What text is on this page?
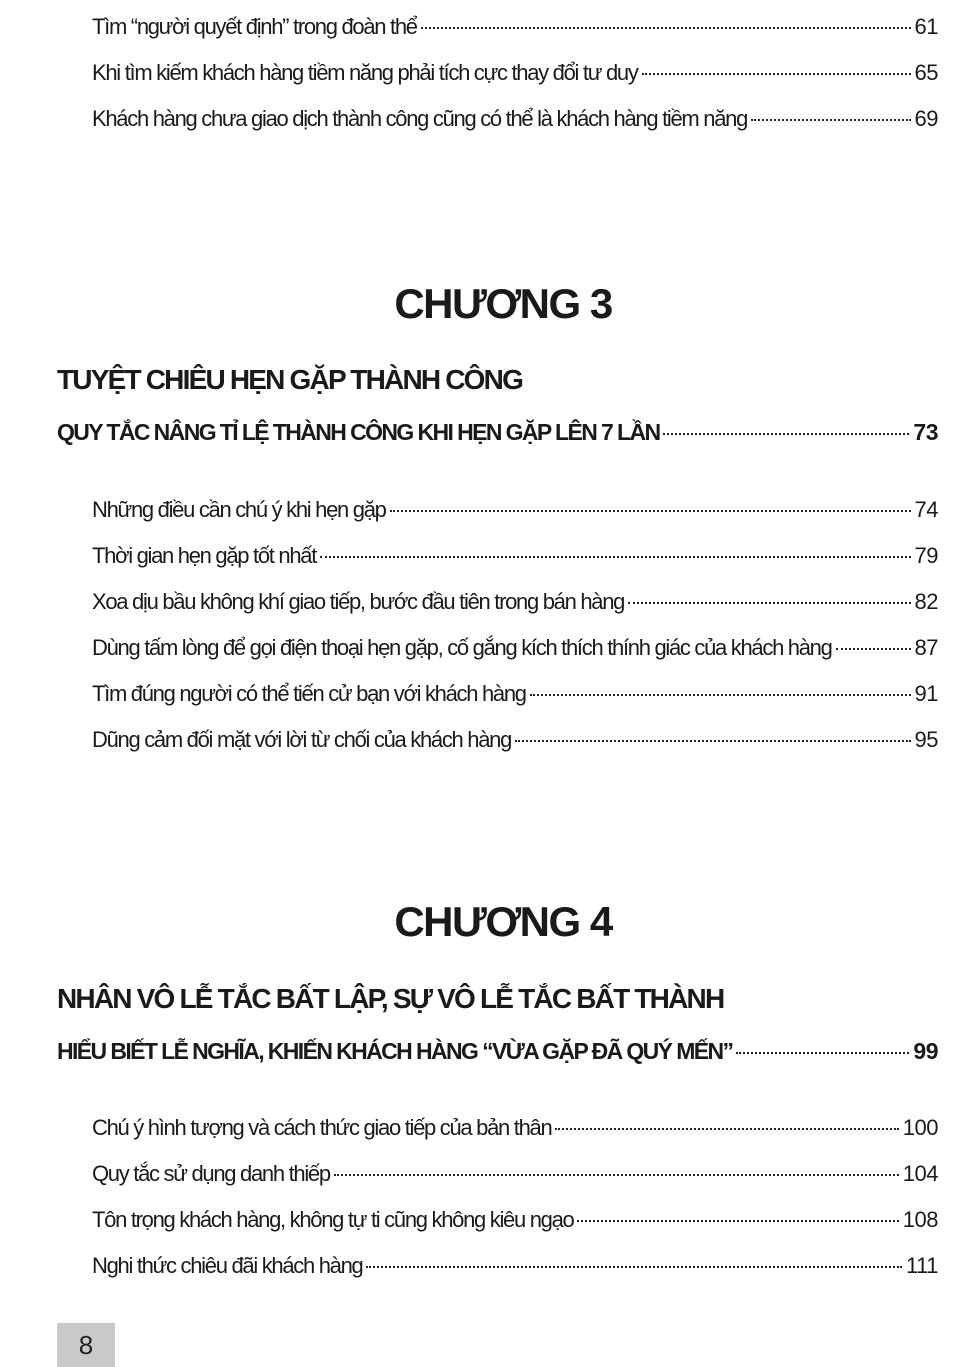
Tìm “người quyết định” trong đoàn thể	61
Khi tìm kiếm khách hàng tiềm năng phải tích cực thay đổi tư duy	65
Khách hàng chưa giao dịch thành công cũng có thể là khách hàng tiềm năng	69
CHƯƠNG 3
TUYỆT CHIÊU HẸN GẶP THÀNH CÔNG
QUY TẮC NÂNG TỈ LỆ THÀNH CÔNG KHI HẸN GẶP LÊN 7 LẦN	73
Những điều cần chú ý khi hẹn gặp	74
Thời gian hẹn gặp tốt nhất	79
Xoa dịu bầu không khí giao tiếp, bước đầu tiên trong bán hàng	82
Dùng tấm lòng để gọi điện thoại hẹn gặp, cố gắng kích thích thính giác của khách hàng	87
Tìm đúng người có thể tiến cử bạn với khách hàng	91
Dũng cảm đối mặt với lời từ chối của khách hàng	95
CHƯƠNG 4
NHÂN VÔ LỄ TẮC BẤT LẬP, SỰ VÔ LỄ TẮC BẤT THÀNH
HIỂU BIẾT LỄ NGHĨA, KHIẾN KHÁCH HÀNG “VỪA GẶP ĐÃ QUÝ MẾN”	99
Chú ý hình tượng và cách thức giao tiếp của bản thân	100
Quy tắc sử dụng danh thiếp	104
Tôn trọng khách hàng, không tự ti cũng không kiêu ngạo	108
Nghi thức chiêu đãi khách hàng	111
8
